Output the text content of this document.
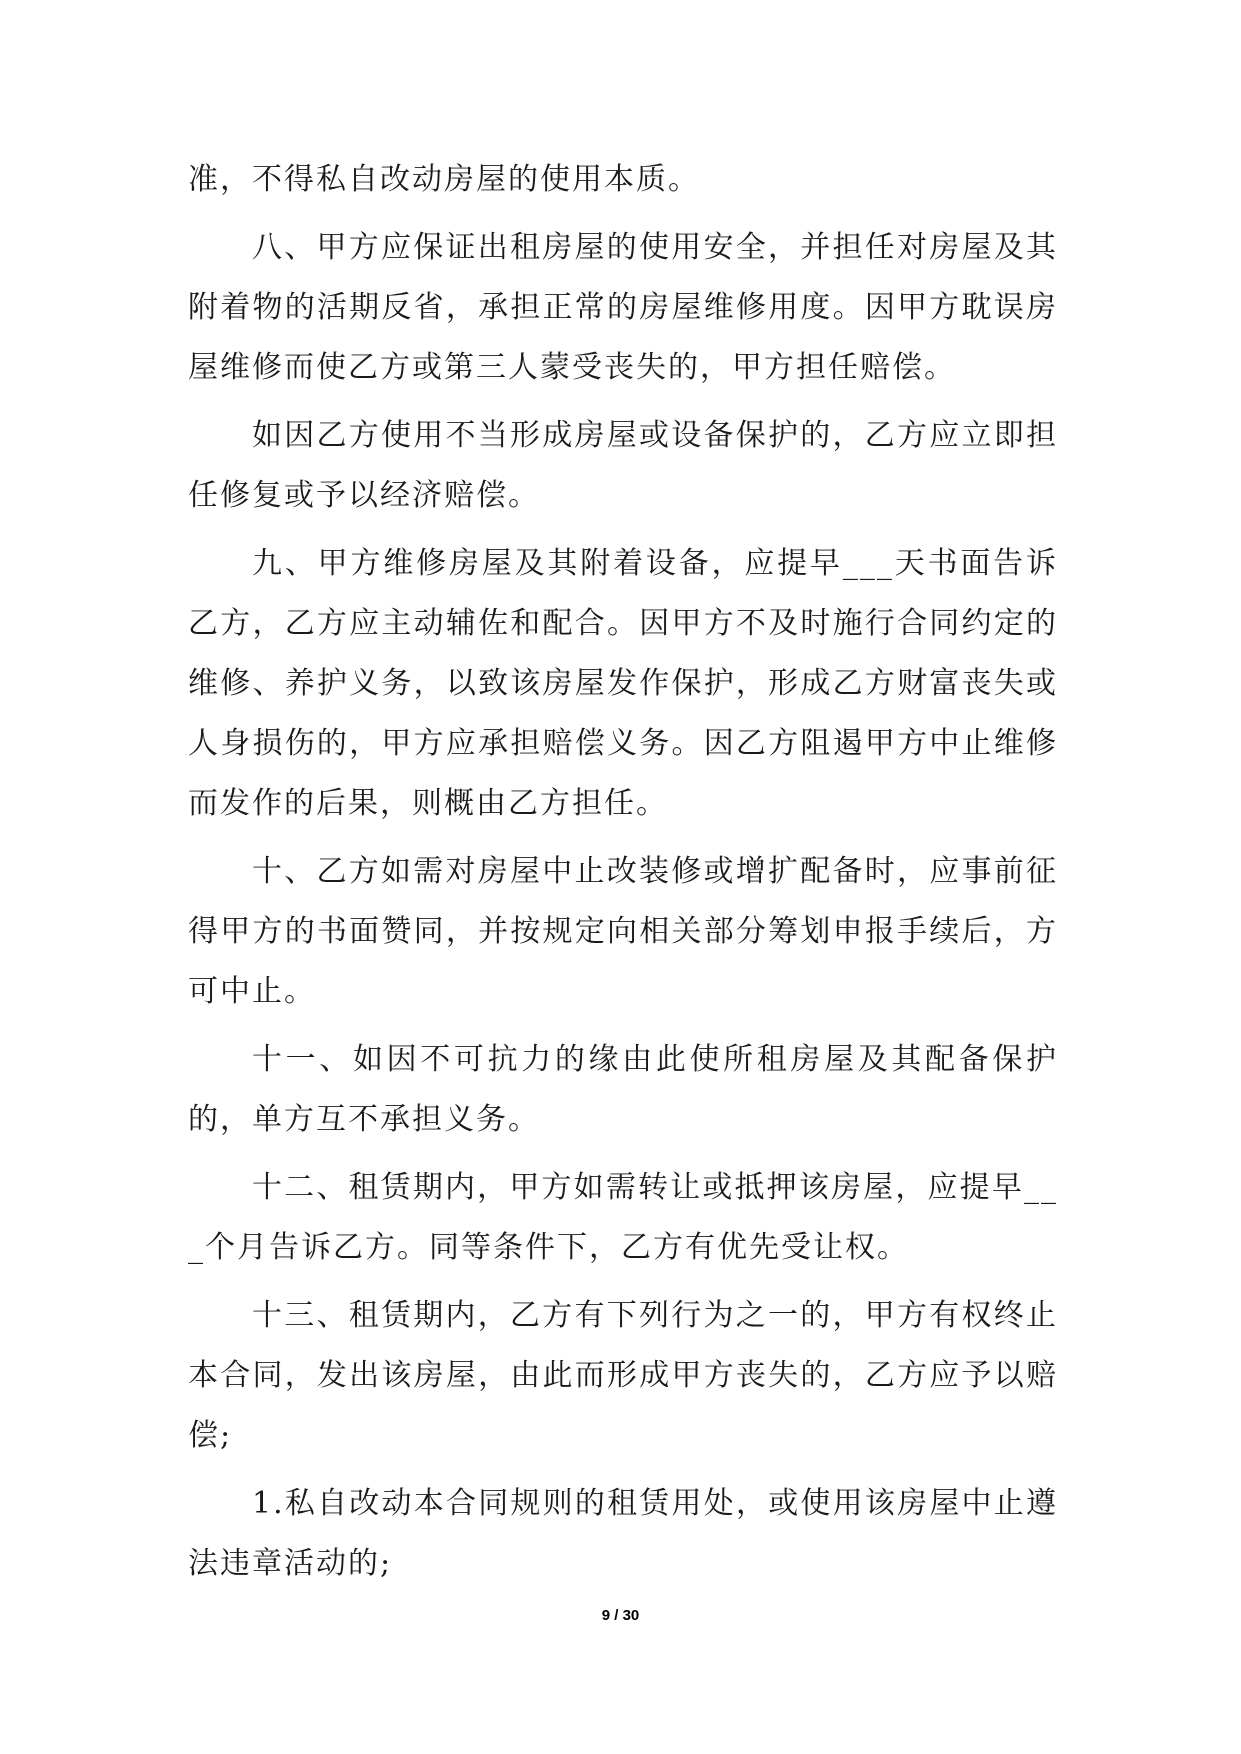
准，不得私自改动房屋的使用本质。

八、甲方应保证出租房屋的使用安全，并担任对房屋及其附着物的活期反省，承担正常的房屋维修用度。因甲方耽误房屋维修而使乙方或第三人蒙受丧失的，甲方担任赔偿。

如因乙方使用不当形成房屋或设备保护的，乙方应立即担任修复或予以经济赔偿。

九、甲方维修房屋及其附着设备，应提早___天书面告诉乙方，乙方应主动辅佐和配合。因甲方不及时施行合同约定的维修、养护义务，以致该房屋发作保护，形成乙方财富丧失或人身损伤的，甲方应承担赔偿义务。因乙方阻遏甲方中止维修而发作的后果，则概由乙方担任。

十、乙方如需对房屋中止改装修或增扩配备时，应事前征得甲方的书面赞同，并按规定向相关部分筹划申报手续后，方可中止。

十一、如因不可抗力的缘由此使所租房屋及其配备保护的，单方互不承担义务。

十二、租赁期内，甲方如需转让或抵押该房屋，应提早___个月告诉乙方。同等条件下，乙方有优先受让权。

十三、租赁期内，乙方有下列行为之一的，甲方有权终止本合同，发出该房屋，由此而形成甲方丧失的，乙方应予以赔偿;

1.私自改动本合同规则的租赁用处，或使用该房屋中止遵法违章活动的;

9 / 30
